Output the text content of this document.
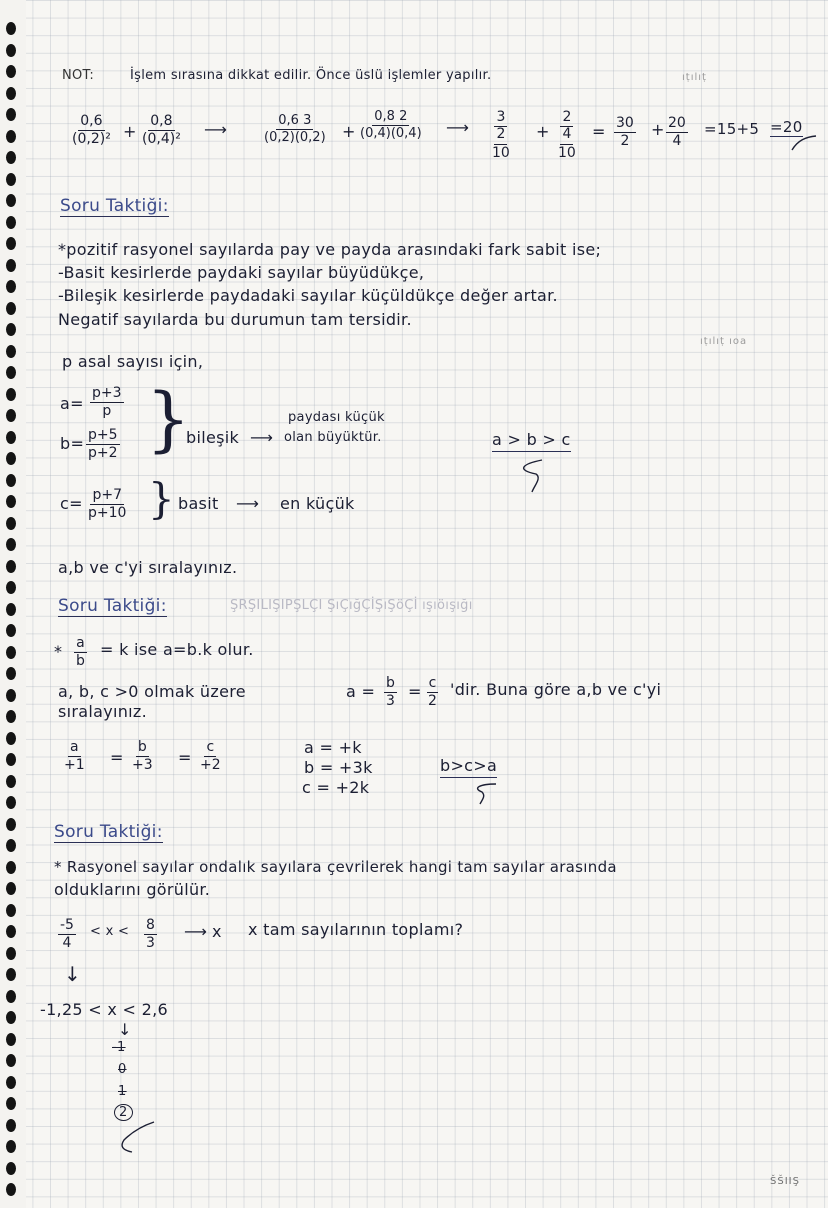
NOT:	İşlem sırasına dikkat edilir. Önce üslü işlemler yapılır.	ıṭılıṭ
$\frac{0,6}{\text{(0,2)²}} + \frac{0,8}{\text{(0,4)²}}$ ⟶	$\frac{0,6 3}{(0,2)(0,2)} + \frac{0,8 2}{(0,4)(0,4)}$ ⟶
3
2
10
+
2
4
10
= $\frac{30}{2} + \frac{20}{4} =15+5 =20$
Soru Taktiği:
*pozitif rasyonel sayılarda pay ve payda arasındaki fark sabit ise;
-Basit kesirlerde paydaki sayılar büyüdükçe,
-Bileşik kesirlerde paydadaki sayılar küçüldükçe değer artar.
Negatif sayılarda bu durumun tam tersidir.
ıṭılıṭ ıoa
p asal sayısı için,
$a= \frac{p+3}{p}$
$b= \frac{p+5}{p+2}$ }
bileşik ⟶
paydası küçük
olan büyüktür.	a > b > c
$c= \frac{p+7}{p+10}$ } basit ⟶ en küçük
a,b ve c'yi sıralayınız.
Soru Taktiği:	ŞRŞILIŞIPŞLÇI ŞıÇığÇİŞıŞöÇİ ışıöışığı
* $\frac{a}{b} = k$ ise a=b.k olur.
a, b, c >0 olmak üzere	$a = \frac{b}{3} = \frac{c}{2}$ 'dir. Buna göre a,b ve c'yi
sıralayınız.
$\frac{a}{+1} = \frac{b}{+3} = \frac{c}{+2}$	a = +k
b = +3k
c = +2k
b>c>a
Soru Taktiği:
* Rasyonel sayılar ondalık sayılara çevrilerek hangi tam sayılar arasında
olduklarını görülür.
$\frac{-5}{4} < x < \frac{8}{3}$ ⟶ x x tam sayılarının toplamı?
↓
-1,25 < x < 2,6
↓
-1
0
1
2
ŠŠIIŞ
